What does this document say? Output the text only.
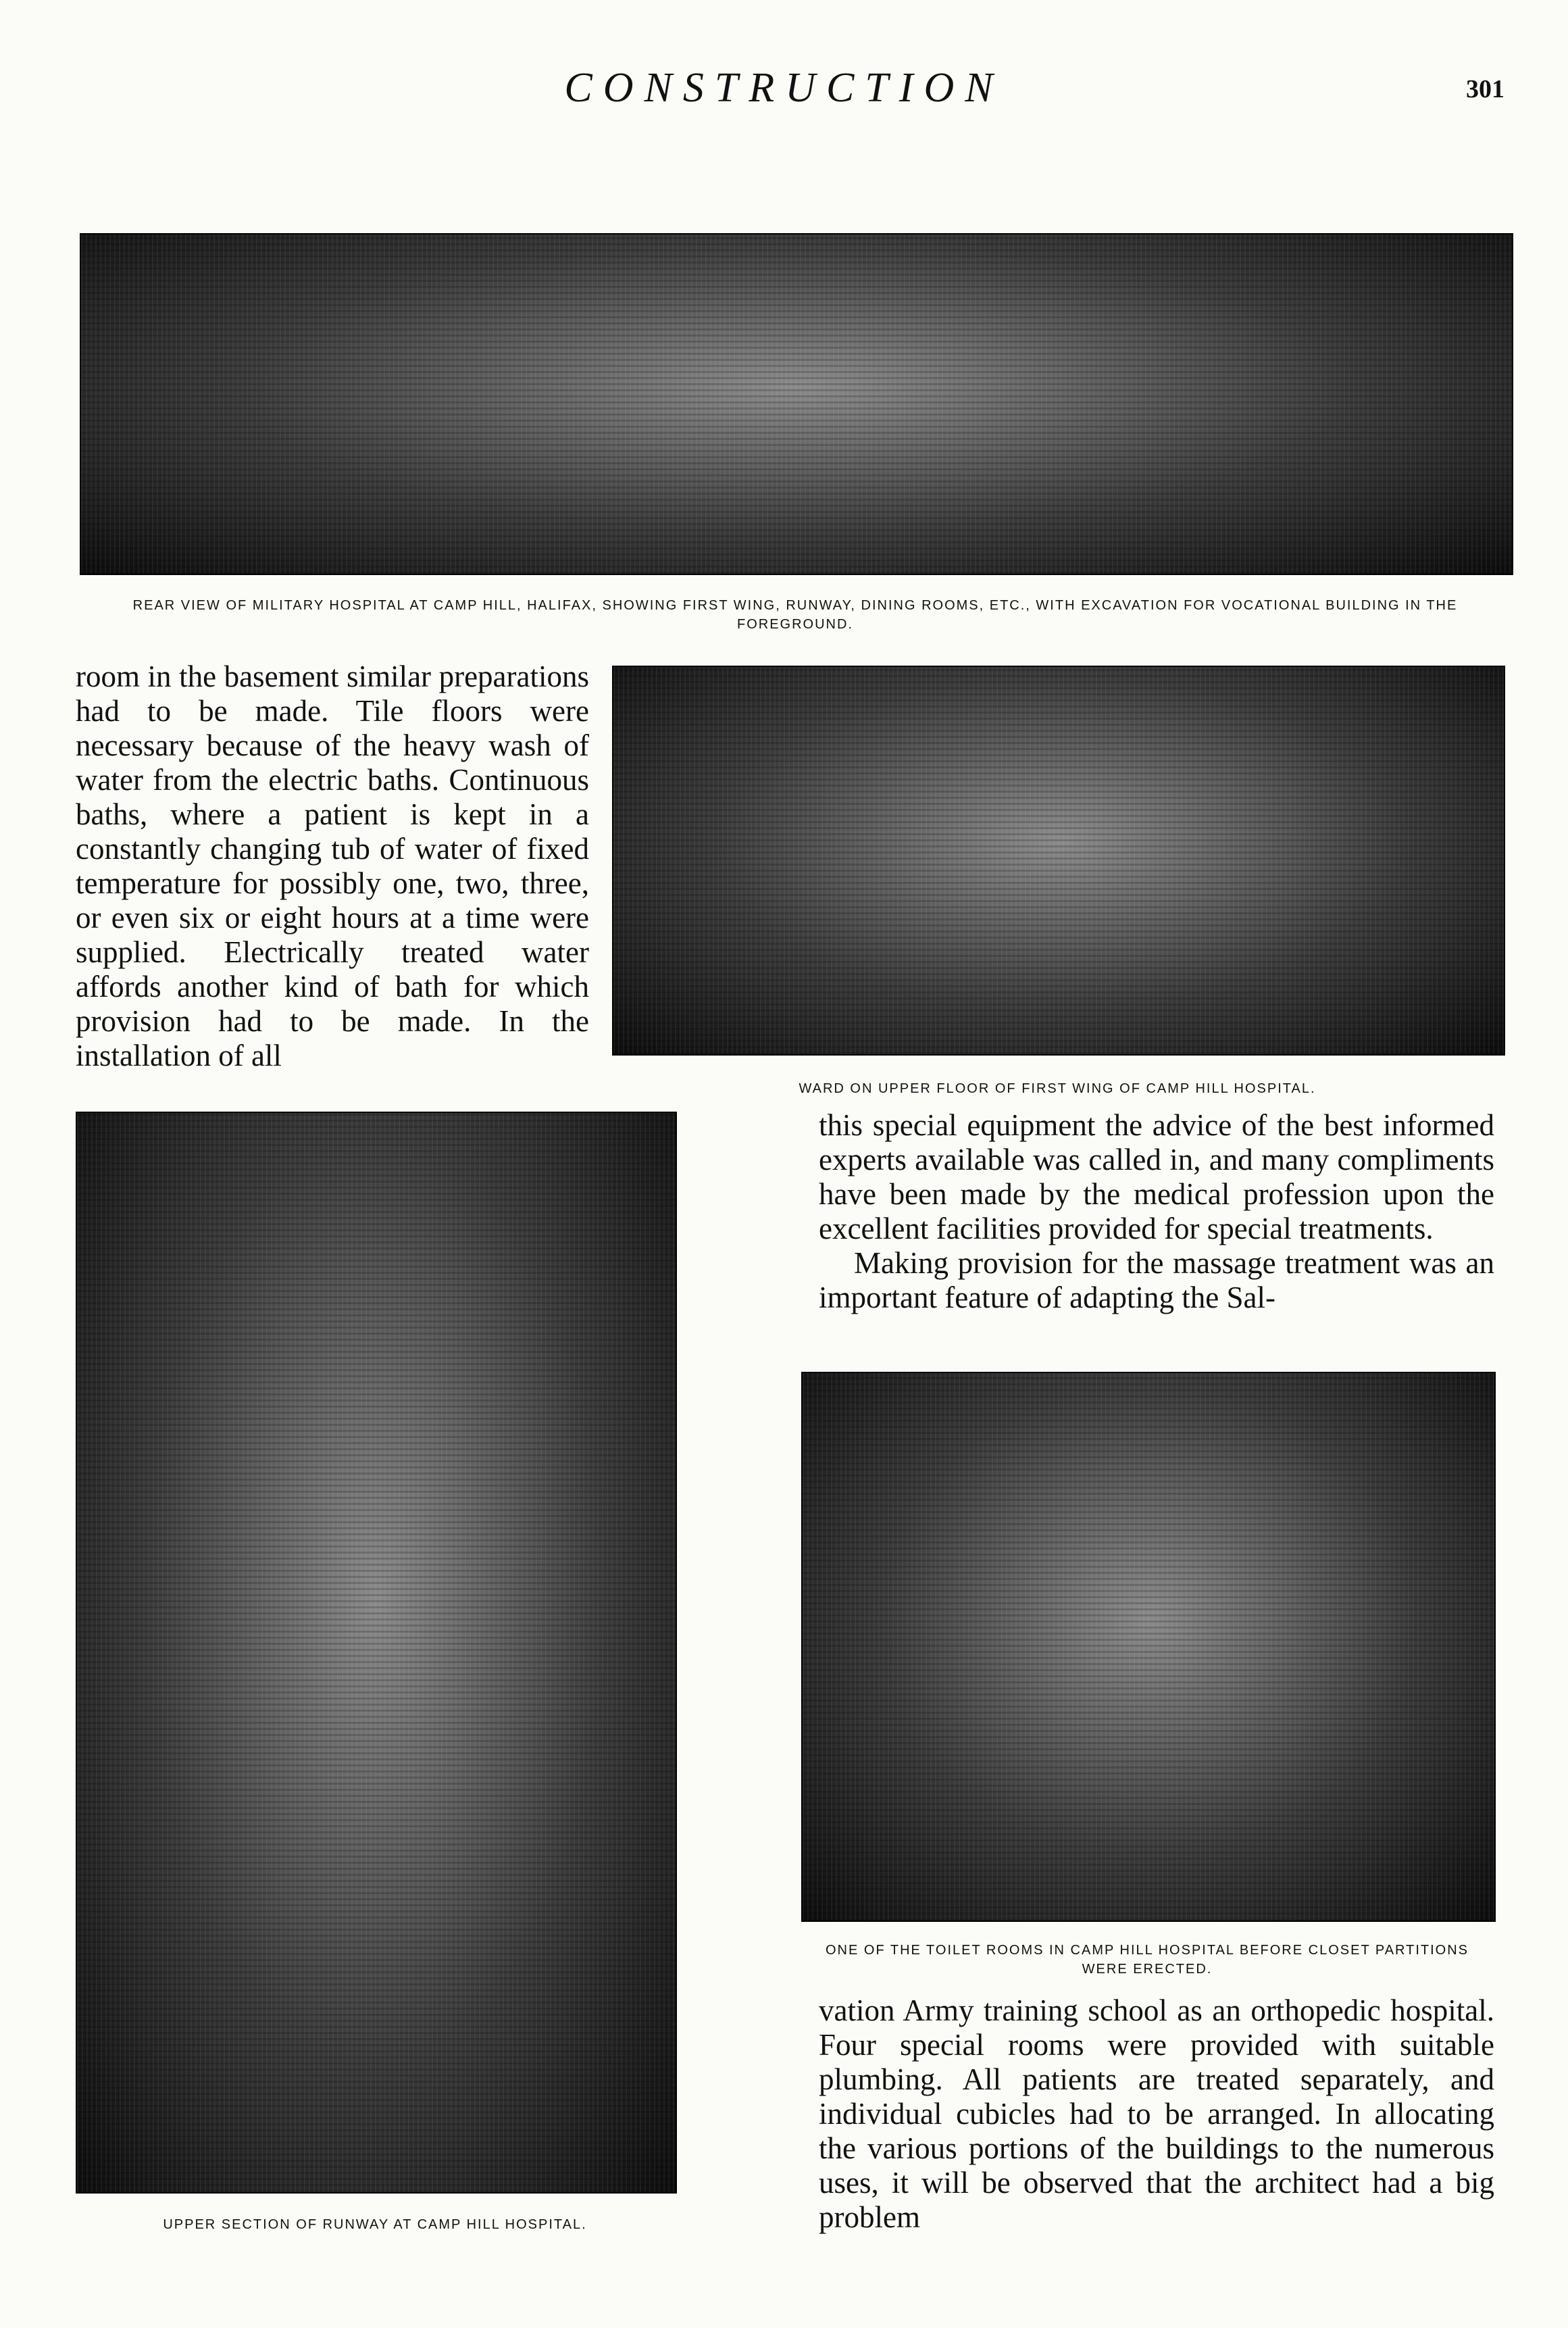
CONSTRUCTION	301
REAR VIEW OF MILITARY HOSPITAL AT CAMP HILL, HALIFAX, SHOWING FIRST WING, RUNWAY, DINING ROOMS, ETC., WITH EXCAVATION FOR VOCATIONAL BUILDING IN THE FOREGROUND.
WARD ON UPPER FLOOR OF FIRST WING OF CAMP HILL HOSPITAL.
UPPER SECTION OF RUNWAY AT CAMP HILL HOSPITAL.
ONE OF THE TOILET ROOMS IN CAMP HILL HOSPITAL BEFORE CLOSET PARTITIONS WERE ERECTED.

room in the basement similar preparations had to be made. Tile floors were necessary because of the heavy wash of water from the electric baths. Continuous baths, where a patient is kept in a constantly changing tub of water of fixed temperature for possibly one, two, three, or even six or eight hours at a time were supplied. Electrically treated water affords another kind of bath for which provision had to be made. In the installation of all

this special equipment the advice of the best informed experts available was called in, and many compliments have been made by the medical profession upon the excellent facilities provided for special treatments.

Making provision for the massage treatment was an important feature of adapting the Sal-

vation Army training school as an orthopedic hospital. Four special rooms were provided with suitable plumbing. All patients are treated separately, and individual cubicles had to be arranged. In allocating the various portions of the buildings to the numerous uses, it will be observed that the architect had a big problem
